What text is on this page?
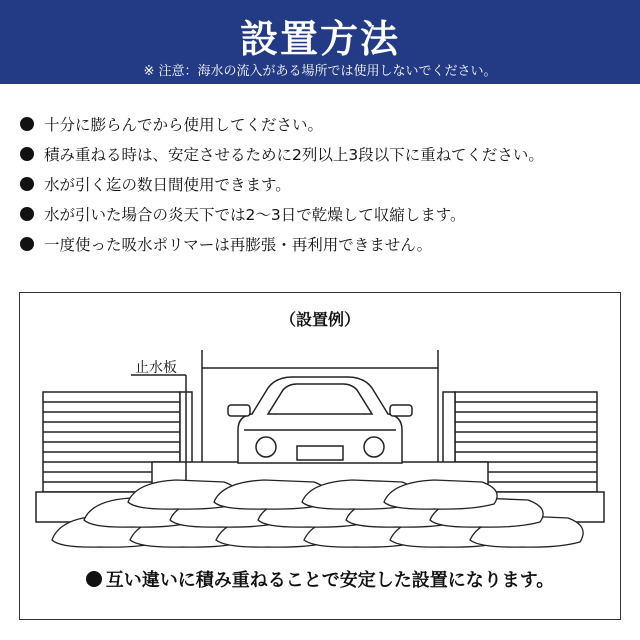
設置方法
※ 注意：海水の流入がある場所では使用しないでください。
十分に膨らんでから使用してください。
積み重ねる時は、安定させるために2列以上3段以下に重ねてください。
水が引く迄の数日間使用できます。
水が引いた場合の炎天下では2〜3日で乾燥して収縮します。
一度使った吸水ポリマーは再膨張・再利用できません。
（設置例）
止水板
互い違いに積み重ねることで安定した設置になります。
